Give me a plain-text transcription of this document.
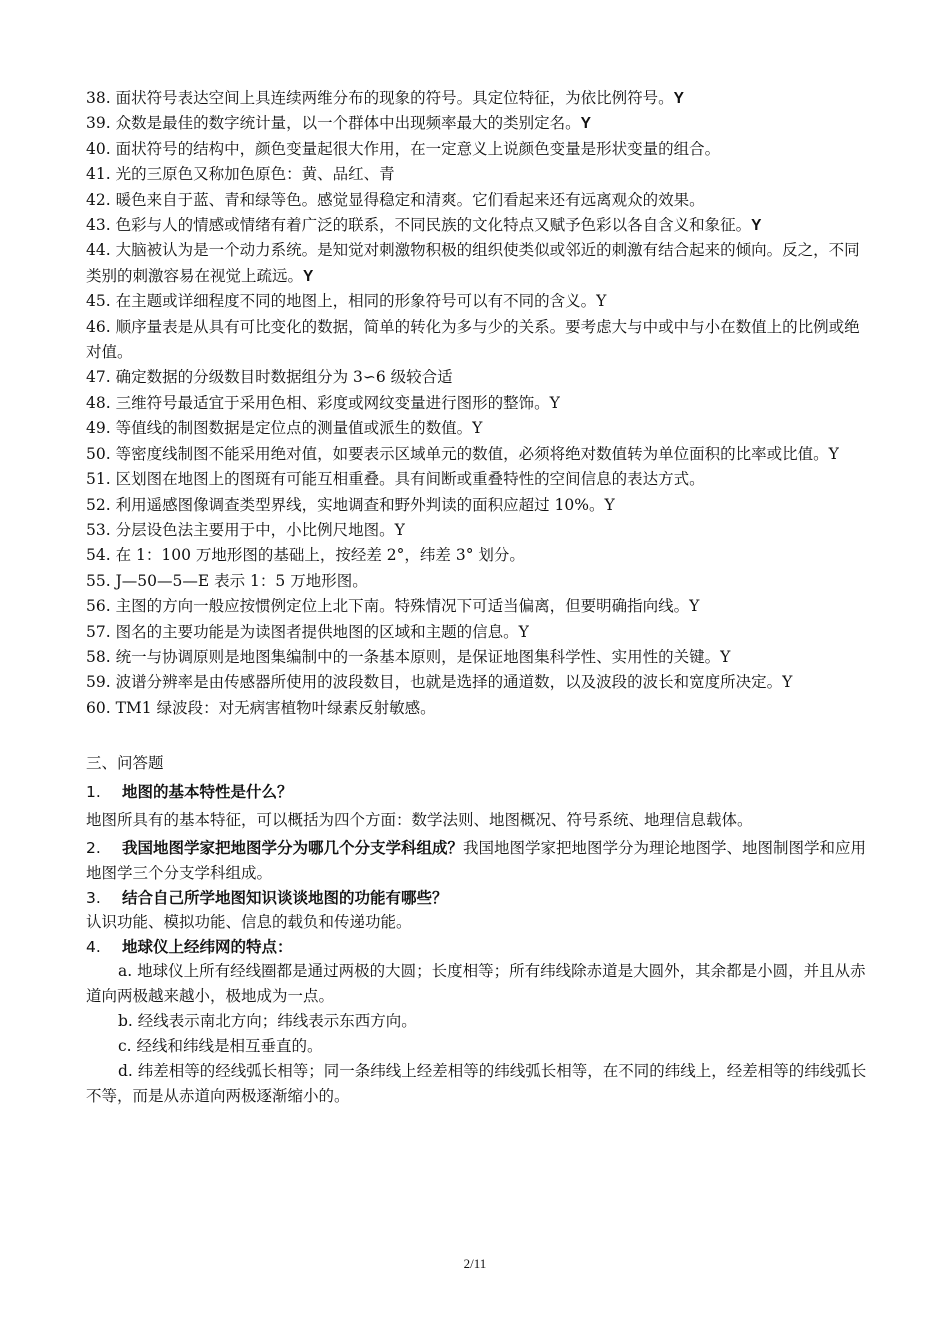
38. 面状符号表达空间上具连续两维分布的现象的符号。具定位特征，为依比例符号。Y

39. 众数是最佳的数字统计量，以一个群体中出现频率最大的类别定名。Y

40. 面状符号的结构中，颜色变量起很大作用，在一定意义上说颜色变量是形状变量的组合。

41. 光的三原色又称加色原色：黄、品红、青

42. 暖色来自于蓝、青和绿等色。感觉显得稳定和清爽。它们看起来还有远离观众的效果。

43. 色彩与人的情感或情绪有着广泛的联系，不同民族的文化特点又赋予色彩以各自含义和象征。Y

44. 大脑被认为是一个动力系统。是知觉对刺激物积极的组织使类似或邻近的刺激有结合起来的倾向。反之，不同类别的刺激容易在视觉上疏远。Y

45. 在主题或详细程度不同的地图上，相同的形象符号可以有不同的含义。Y

46. 顺序量表是从具有可比变化的数据，简单的转化为多与少的关系。要考虑大与中或中与小在数值上的比例或绝对值。

47. 确定数据的分级数目时数据组分为 3∽6 级较合适

48. 三维符号最适宜于采用色相、彩度或网纹变量进行图形的整饰。Y

49. 等值线的制图数据是定位点的测量值或派生的数值。Y

50. 等密度线制图不能采用绝对值，如要表示区域单元的数值，必须将绝对数值转为单位面积的比率或比值。Y

51. 区划图在地图上的图斑有可能互相重叠。具有间断或重叠特性的空间信息的表达方式。

52. 利用遥感图像调查类型界线，实地调查和野外判读的面积应超过 10%。Y

53. 分层设色法主要用于中，小比例尺地图。Y

54. 在 1：100 万地形图的基础上，按经差 2°，纬差 3° 划分。

55. J—50—5—E 表示 1：5 万地形图。

56. 主图的方向一般应按惯例定位上北下南。特殊情况下可适当偏离，但要明确指向线。Y

57. 图名的主要功能是为读图者提供地图的区域和主题的信息。Y

58. 统一与协调原则是地图集编制中的一条基本原则，是保证地图集科学性、实用性的关键。Y

59. 波谱分辨率是由传感器所使用的波段数目，也就是选择的通道数，以及波段的波长和宽度所决定。Y

60. TM1 绿波段：对无病害植物叶绿素反射敏感。

三、问答题

1. 地图的基本特性是什么？

地图所具有的基本特征，可以概括为四个方面：数学法则、地图概况、符号系统、地理信息载体。

2. 我国地图学家把地图学分为哪几个分支学科组成？我国地图学家把地图学分为理论地图学、地图制图学和应用地图学三个分支学科组成。

3. 结合自己所学地图知识谈谈地图的功能有哪些？

认识功能、模拟功能、信息的载负和传递功能。

4. 地球仪上经纬网的特点：

a. 地球仪上所有经线圈都是通过两极的大圆；长度相等；所有纬线除赤道是大圆外，其余都是小圆，并且从赤道向两极越来越小，极地成为一点。

b. 经线表示南北方向；纬线表示东西方向。

c. 经线和纬线是相互垂直的。

d. 纬差相等的经线弧长相等；同一条纬线上经差相等的纬线弧长相等，在不同的纬线上，经差相等的纬线弧长不等，而是从赤道向两极逐渐缩小的。

2/11
